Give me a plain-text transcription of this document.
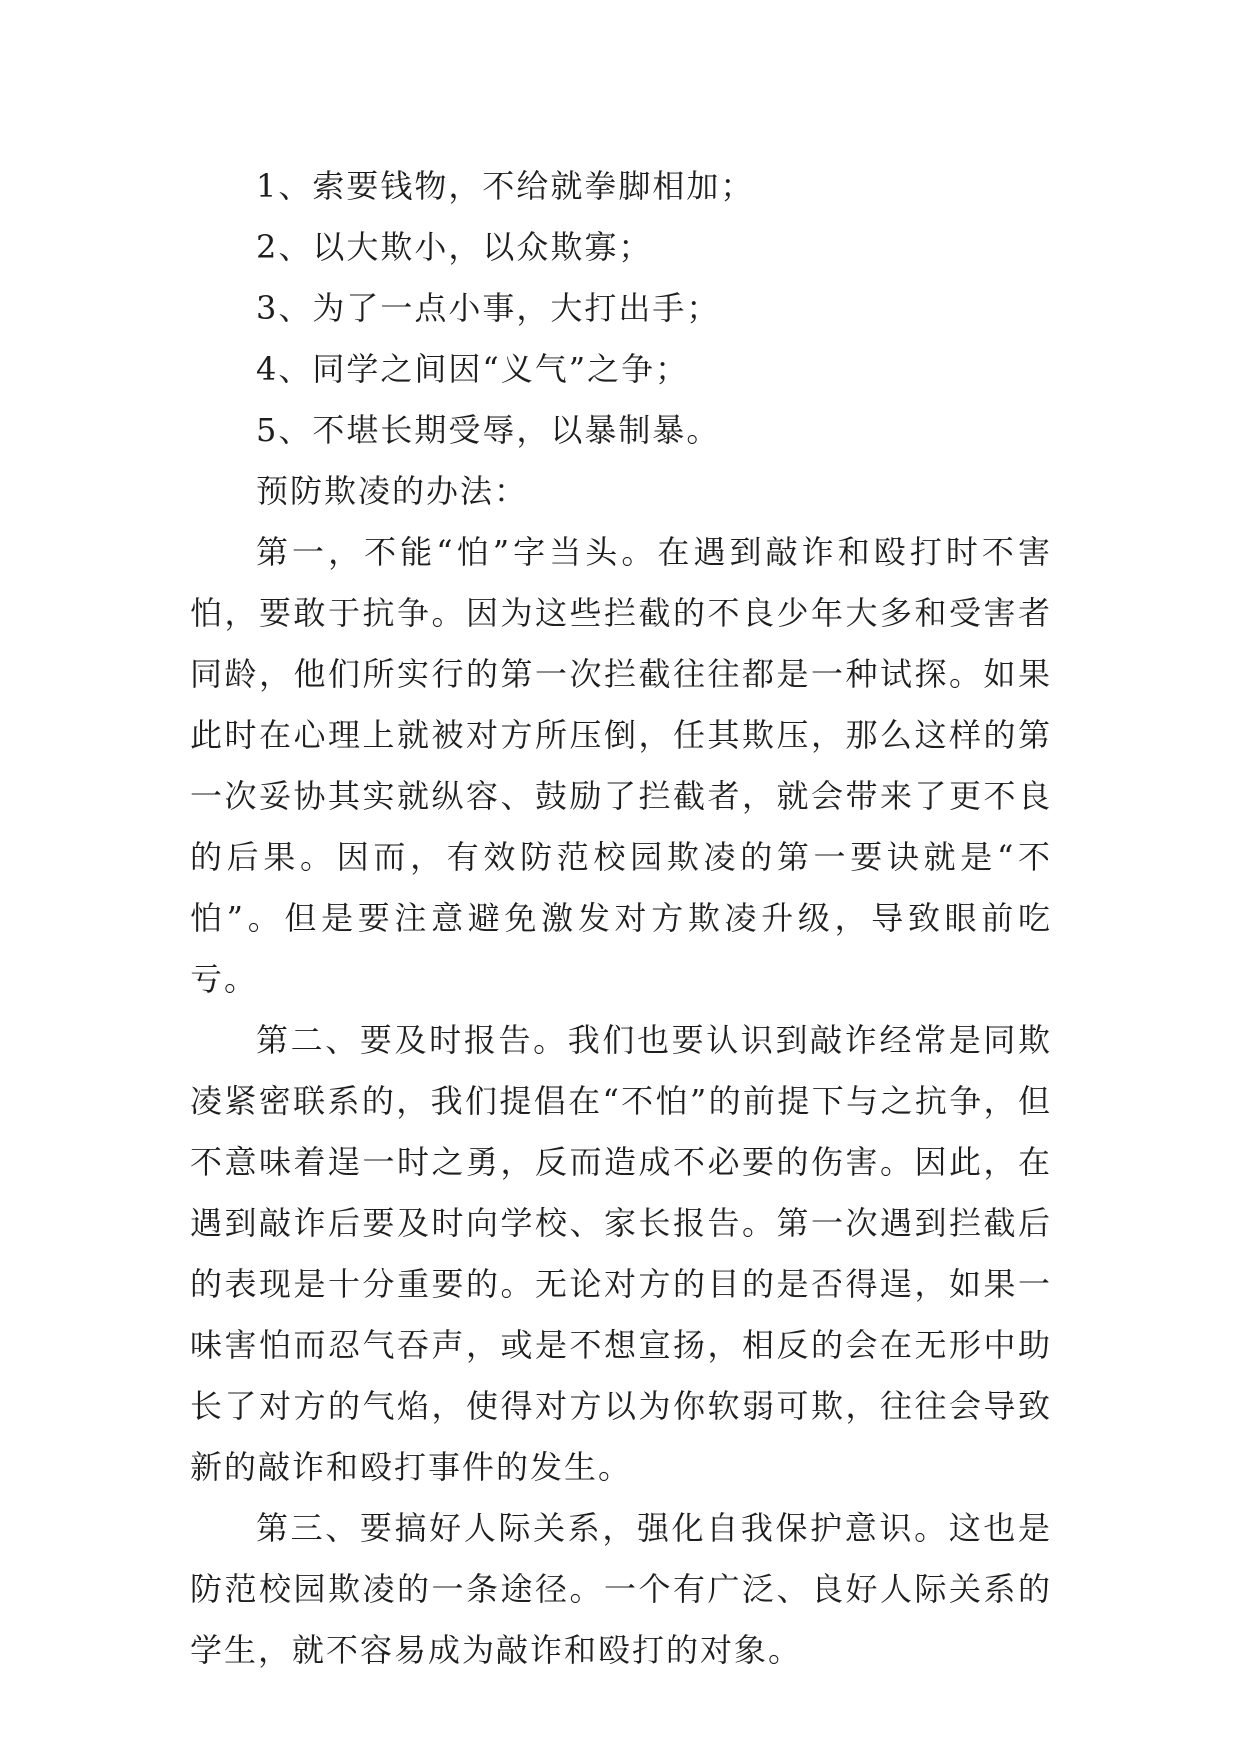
1、索要钱物，不给就拳脚相加；

2、以大欺小，以众欺寡；

3、为了一点小事，大打出手；

4、同学之间因“义气”之争；

5、不堪长期受辱，以暴制暴。

预防欺凌的办法：

第一，不能“怕”字当头。在遇到敲诈和殴打时不害怕，要敢于抗争。因为这些拦截的不良少年大多和受害者同龄，他们所实行的第一次拦截往往都是一种试探。如果此时在心理上就被对方所压倒，任其欺压，那么这样的第一次妥协其实就纵容、鼓励了拦截者，就会带来了更不良的后果。因而，有效防范校园欺凌的第一要诀就是“不怕”。但是要注意避免激发对方欺凌升级，导致眼前吃亏。

第二、要及时报告。我们也要认识到敲诈经常是同欺凌紧密联系的，我们提倡在“不怕”的前提下与之抗争，但不意味着逞一时之勇，反而造成不必要的伤害。因此，在遇到敲诈后要及时向学校、家长报告。第一次遇到拦截后的表现是十分重要的。无论对方的目的是否得逞，如果一味害怕而忍气吞声，或是不想宣扬，相反的会在无形中助长了对方的气焰，使得对方以为你软弱可欺，往往会导致新的敲诈和殴打事件的发生。

第三、要搞好人际关系，强化自我保护意识。这也是防范校园欺凌的一条途径。一个有广泛、良好人际关系的学生，就不容易成为敲诈和殴打的对象。
